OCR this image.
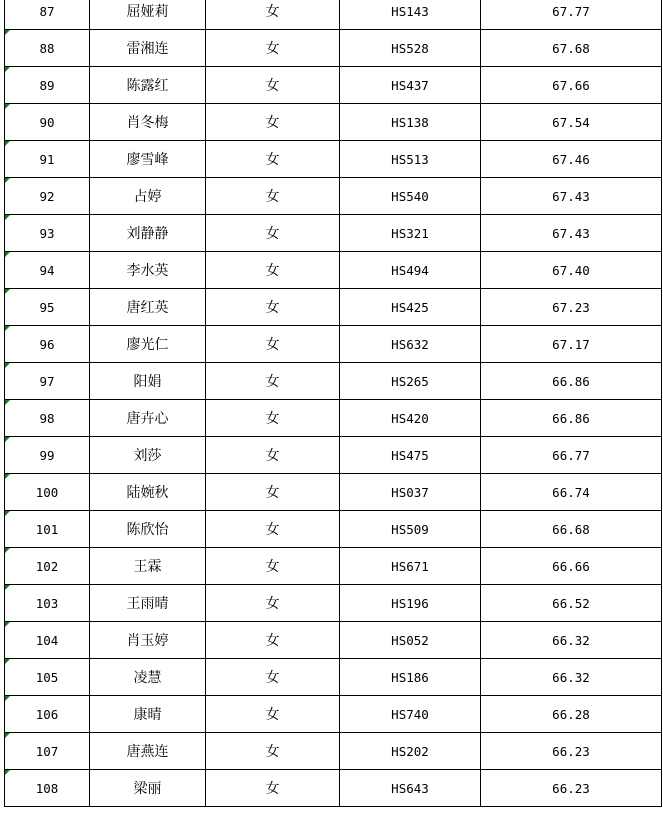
87	屈娅莉	女	HS143	67.77

88	雷湘连	女	HS528	67.68

89	陈露红	女	HS437	67.66

90	肖冬梅	女	HS138	67.54

91	廖雪峰	女	HS513	67.46

92	占婷	女	HS540	67.43

93	刘静静	女	HS321	67.43

94	李水英	女	HS494	67.40

95	唐红英	女	HS425	67.23

96	廖光仁	女	HS632	67.17

97	阳娟	女	HS265	66.86

98	唐卉心	女	HS420	66.86

99	刘莎	女	HS475	66.77

100	陆婉秋	女	HS037	66.74

101	陈欣怡	女	HS509	66.68

102	王霖	女	HS671	66.66

103	王雨晴	女	HS196	66.52

104	肖玉婷	女	HS052	66.32

105	凌慧	女	HS186	66.32

106	康晴	女	HS740	66.28

107	唐燕连	女	HS202	66.23

108	梁丽	女	HS643	66.23
